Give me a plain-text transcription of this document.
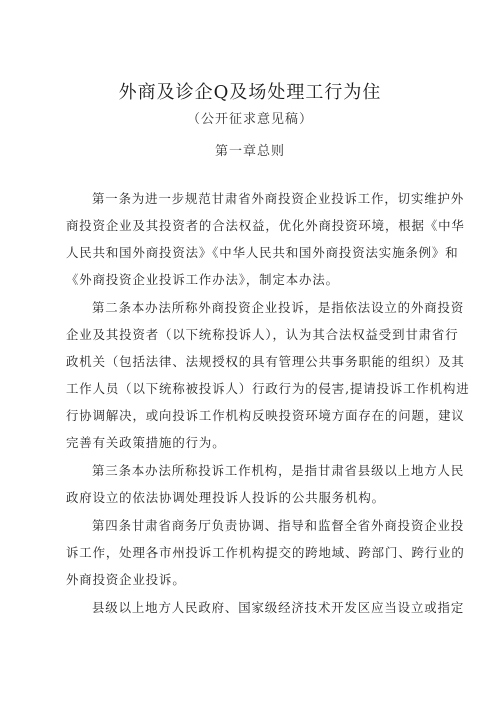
外商及诊企Q及场处理工行为住
（公开征求意见稿）
第一章总则
第一条为进一步规范甘肃省外商投资企业投诉工作，切实维护外
商投资企业及其投资者的合法权益，优化外商投资环境，根据《中华
人民共和国外商投资法》《中华人民共和国外商投资法实施条例》和
《外商投资企业投诉工作办法》，制定本办法。
第二条本办法所称外商投资企业投诉，是指依法设立的外商投资
企业及其投资者（以下统称投诉人），认为其合法权益受到甘肃省行
政机关（包括法律、法规授权的具有管理公共事务职能的组织）及其
工作人员（以下统称被投诉人）行政行为的侵害,提请投诉工作机构进
行协调解决，或向投诉工作机构反映投资环境方面存在的问题，建议
完善有关政策措施的行为。
第三条本办法所称投诉工作机构，是指甘肃省县级以上地方人民
政府设立的依法协调处理投诉人投诉的公共服务机构。
第四条甘肃省商务厅负责协调、指导和监督全省外商投资企业投
诉工作，处理各市州投诉工作机构提交的跨地域、跨部门、跨行业的
外商投资企业投诉。
县级以上地方人民政府、国家级经济技术开发区应当设立或指定
